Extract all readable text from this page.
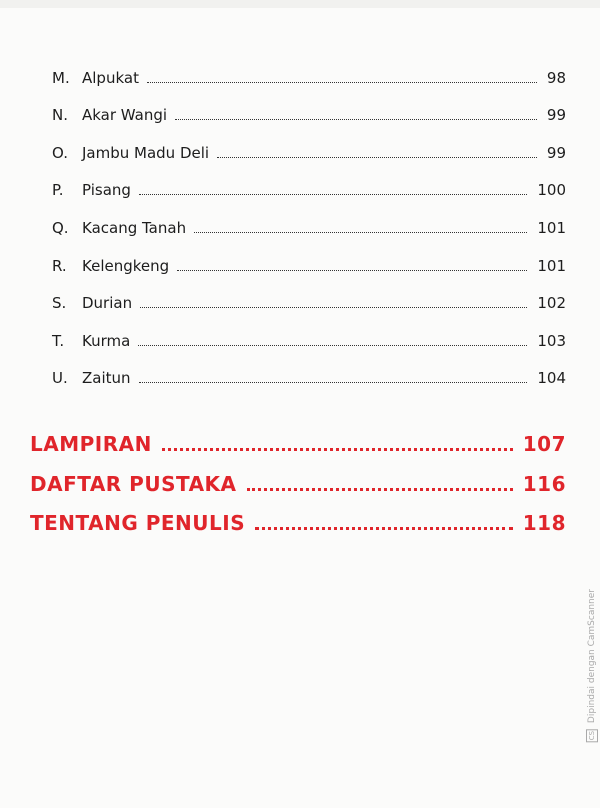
M. Alpukat	98
N. Akar Wangi	99
O. Jambu Madu Deli	99
P.	Pisang	100
Q. Kacang Tanah	101
R.	Kelengkeng	101
S.	Durian	102
T.	Kurma	103
U. Zaitun	104
LAMPIRAN	107
DAFTAR PUSTAKA	116
TENTANG PENULIS	118
CS Dipindai dengan CamScanner
